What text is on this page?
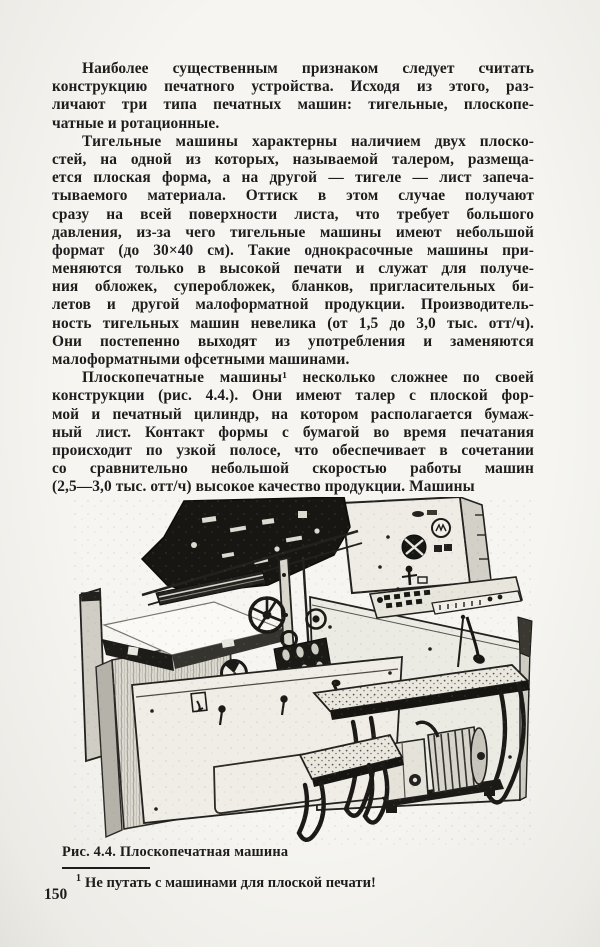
Наиболее существенным признаком следует считать
конструкцию печатного устройства. Исходя из этого, раз-
личают три типа печатных машин: тигельные, плоскопе-
чатные и ротационные.
Тигельные машины характерны наличием двух плоско-
стей, на одной из которых, называемой талером, размеща-
ется плоская форма, а на другой — тигеле — лист запеча-
тываемого материала. Оттиск в этом случае получают
сразу на всей поверхности листа, что требует большого
давления, из-за чего тигельные машины имеют небольшой
формат (до 30×40 см). Такие однокрасочные машины при-
меняются только в высокой печати и служат для получе-
ния обложек, суперобложек, бланков, пригласительных би-
летов и другой малоформатной продукции. Производитель-
ность тигельных машин невелика (от 1,5 до 3,0 тыс. отт/ч).
Они постепенно выходят из употребления и заменяются
малоформатными офсетными машинами.
Плоскопечатные машины¹ несколько сложнее по своей
конструкции (рис. 4.4.). Они имеют талер с плоской фор-
мой и печатный цилиндр, на котором располагается бумаж-
ный лист. Контакт формы с бумагой во время печатания
происходит по узкой полосе, что обеспечивает в сочетании
со сравнительно небольшой скоростью работы машин
(2,5—3,0 тыс. отт/ч) высокое качество продукции. Машины
Рис. 4.4. Плоскопечатная машина
$^1$ Не путать с машинами для плоской печати!
150
